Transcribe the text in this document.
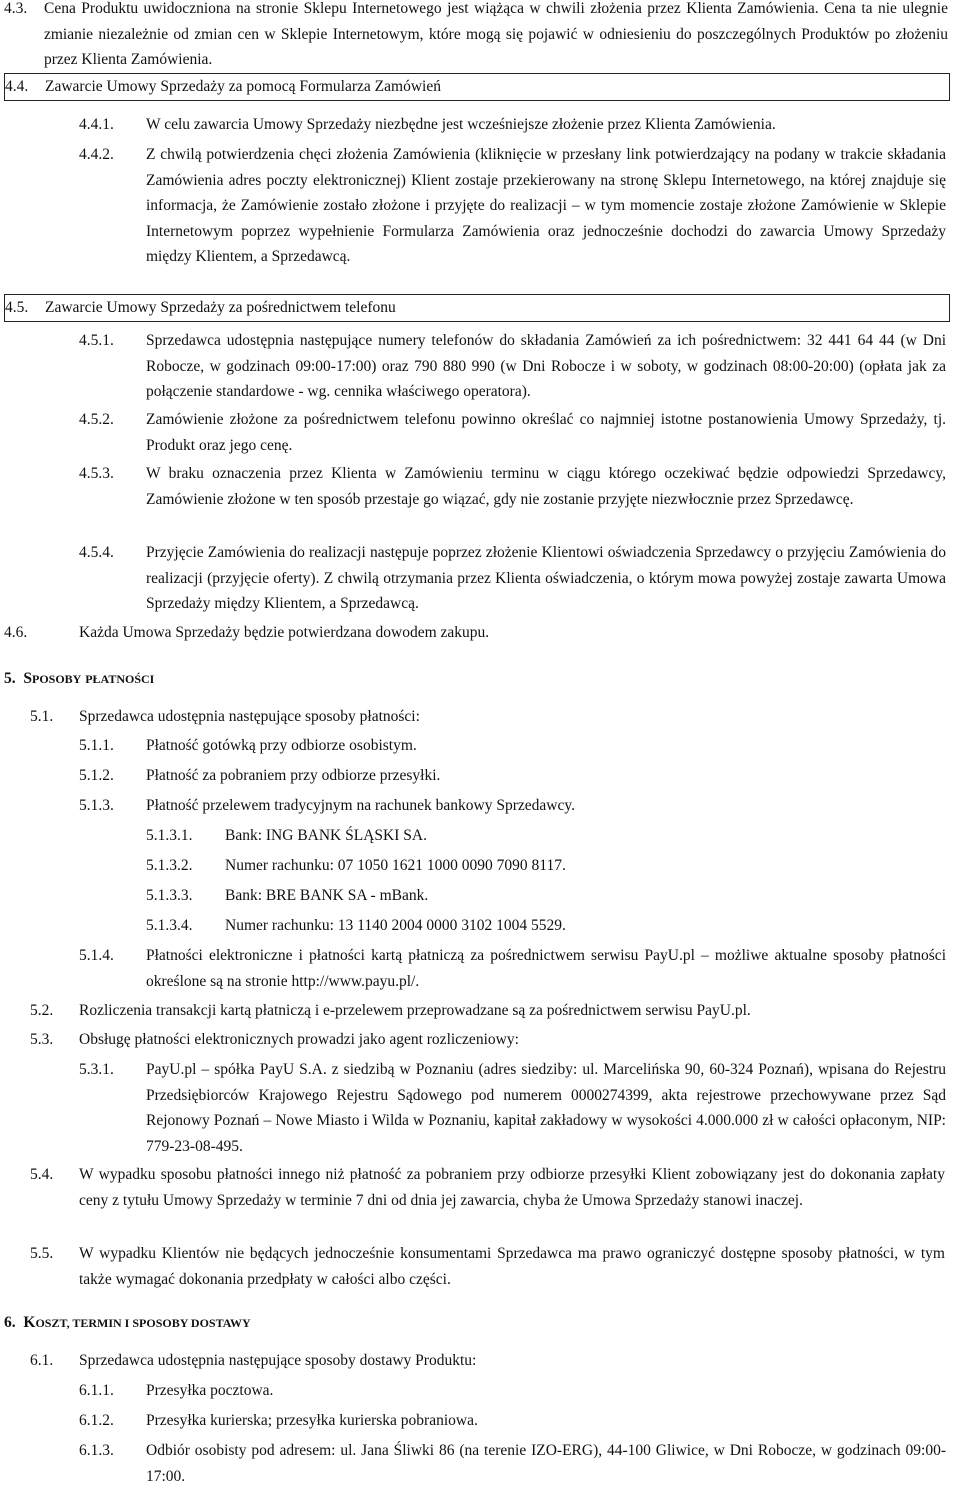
4.3. Cena Produktu uwidoczniona na stronie Sklepu Internetowego jest wiążąca w chwili złożenia przez Klienta Zamówienia. Cena ta nie ulegnie zmianie niezależnie od zmian cen w Sklepie Internetowym, które mogą się pojawić w odniesieniu do poszczególnych Produktów po złożeniu przez Klienta Zamówienia.
4.4. Zawarcie Umowy Sprzedaży za pomocą Formularza Zamówień
4.4.1. W celu zawarcia Umowy Sprzedaży niezbędne jest wcześniejsze złożenie przez Klienta Zamówienia.
4.4.2. Z chwilą potwierdzenia chęci złożenia Zamówienia (kliknięcie w przesłany link potwierdzający na podany w trakcie składania Zamówienia adres poczty elektronicznej) Klient zostaje przekierowany na stronę Sklepu Internetowego, na której znajduje się informacja, że Zamówienie zostało złożone i przyjęte do realizacji – w tym momencie zostaje złożone Zamówienie w Sklepie Internetowym poprzez wypełnienie Formularza Zamówienia oraz jednocześnie dochodzi do zawarcia Umowy Sprzedaży między Klientem, a Sprzedawcą.
4.5. Zawarcie Umowy Sprzedaży za pośrednictwem telefonu
4.5.1. Sprzedawca udostępnia następujące numery telefonów do składania Zamówień za ich pośrednictwem: 32 441 64 44 (w Dni Robocze, w godzinach 09:00-17:00) oraz 790 880 990 (w Dni Robocze i w soboty, w godzinach 08:00-20:00) (opłata jak za połączenie standardowe - wg. cennika właściwego operatora).
4.5.2. Zamówienie złożone za pośrednictwem telefonu powinno określać co najmniej istotne postanowienia Umowy Sprzedaży, tj. Produkt oraz jego cenę.
4.5.3. W braku oznaczenia przez Klienta w Zamówieniu terminu w ciągu którego oczekiwać będzie odpowiedzi Sprzedawcy, Zamówienie złożone w ten sposób przestaje go wiązać, gdy nie zostanie przyjęte niezwłocznie przez Sprzedawcę.
4.5.4. Przyjęcie Zamówienia do realizacji następuje poprzez złożenie Klientowi oświadczenia Sprzedawcy o przyjęciu Zamówienia do realizacji (przyjęcie oferty). Z chwilą otrzymania przez Klienta oświadczenia, o którym mowa powyżej zostaje zawarta Umowa Sprzedaży między Klientem, a Sprzedawcą.
4.6.	Każda Umowa Sprzedaży będzie potwierdzana dowodem zakupu.
5. SPOSOBY PŁATNOŚCI
5.1. Sprzedawca udostępnia następujące sposoby płatności:
5.1.1. Płatność gotówką przy odbiorze osobistym.
5.1.2. Płatność za pobraniem przy odbiorze przesyłki.
5.1.3. Płatność przelewem tradycyjnym na rachunek bankowy Sprzedawcy.
5.1.3.1. Bank: ING BANK ŚLĄSKI SA.
5.1.3.2. Numer rachunku: 07 1050 1621 1000 0090 7090 8117.
5.1.3.3. Bank: BRE BANK SA - mBank.
5.1.3.4. Numer rachunku: 13 1140 2004 0000 3102 1004 5529.
5.1.4. Płatności elektroniczne i płatności kartą płatniczą za pośrednictwem serwisu PayU.pl – możliwe aktualne sposoby płatności określone są na stronie http://www.payu.pl/.
5.2. Rozliczenia transakcji kartą płatniczą i e-przelewem przeprowadzane są za pośrednictwem serwisu PayU.pl.
5.3. Obsługę płatności elektronicznych prowadzi jako agent rozliczeniowy:
5.3.1. PayU.pl – spółka PayU S.A. z siedzibą w Poznaniu (adres siedziby: ul. Marcelińska 90, 60-324 Poznań), wpisana do Rejestru Przedsiębiorców Krajowego Rejestru Sądowego pod numerem 0000274399, akta rejestrowe przechowywane przez Sąd Rejonowy Poznań – Nowe Miasto i Wilda w Poznaniu, kapitał zakładowy w wysokości 4.000.000 zł w całości opłaconym, NIP: 779-23-08-495.
5.4. W wypadku sposobu płatności innego niż płatność za pobraniem przy odbiorze przesyłki Klient zobowiązany jest do dokonania zapłaty ceny z tytułu Umowy Sprzedaży w terminie 7 dni od dnia jej zawarcia, chyba że Umowa Sprzedaży stanowi inaczej.
5.5. W wypadku Klientów nie będących jednocześnie konsumentami Sprzedawca ma prawo ograniczyć dostępne sposoby płatności, w tym także wymagać dokonania przedpłaty w całości albo części.
6. KOSZT, TERMIN I SPOSOBY DOSTAWY
6.1. Sprzedawca udostępnia następujące sposoby dostawy Produktu:
6.1.1. Przesyłka pocztowa.
6.1.2. Przesyłka kurierska; przesyłka kurierska pobraniowa.
6.1.3. Odbiór osobisty pod adresem: ul. Jana Śliwki 86 (na terenie IZO-ERG), 44-100 Gliwice, w Dni Robocze, w godzinach 09:00-17:00.
